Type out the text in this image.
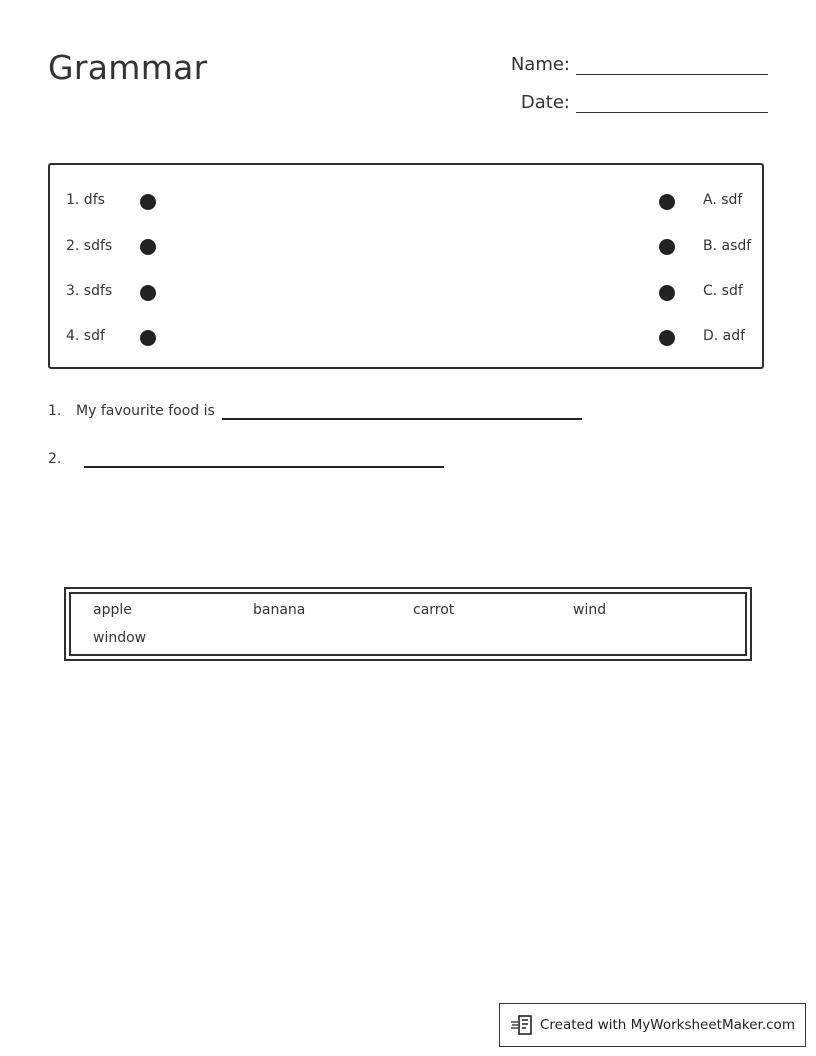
Grammar	Name:
Date:
1. dfs
2. sdfs
3. sdfs
4. sdf
A. sdf
B. asdf
C. sdf
D. adf
1. My favourite food is
2.
apple	banana	carrot	wind
window
Created with MyWorksheetMaker.com
